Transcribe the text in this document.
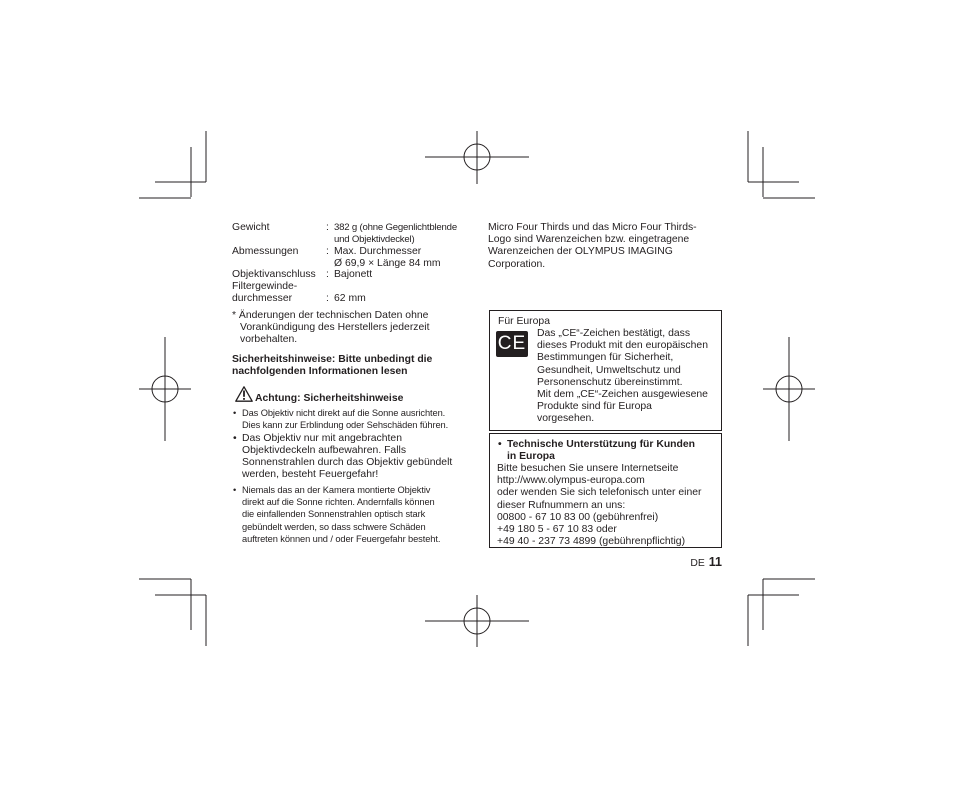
Gewicht	: 382 g (ohne Gegenlichtblende und Objektivdeckel)
Abmessungen	: Max. Durchmesser
Ø 69,9 × Länge 84 mm
Objektivanschluss : Bajonett
Filtergewinde-
durchmesser	: 62 mm
* Änderungen der technischen Daten ohne
Vorankündigung des Herstellers jederzeit
vorbehalten.
Sicherheitshinweise: Bitte unbedingt die
nachfolgenden Informationen lesen
Achtung: Sicherheitshinweise
• Das Objektiv nicht direkt auf die Sonne ausrichten.
Dies kann zur Erblindung oder Sehschäden führen.
• Das Objektiv nur mit angebrachten
Objektivdeckeln aufbewahren. Falls
Sonnenstrahlen durch das Objektiv gebündelt
werden, besteht Feuergefahr!
• Niemals das an der Kamera montierte Objektiv
direkt auf die Sonne richten. Andernfalls können
die einfallenden Sonnenstrahlen optisch stark
gebündelt werden, so dass schwere Schäden
auftreten können und / oder Feuergefahr besteht.
Micro Four Thirds und das Micro Four Thirds-
Logo sind Warenzeichen bzw. eingetragene
Warenzeichen der OLYMPUS IMAGING
Corporation.
Für Europa
CE Das „CE“-Zeichen bestätigt, dass
dieses Produkt mit den europäischen
Bestimmungen für Sicherheit,
Gesundheit, Umweltschutz und
Personenschutz übereinstimmt.
Mit dem „CE“-Zeichen ausgewiesene
Produkte sind für Europa
vorgesehen.
• Technische Unterstützung für Kunden
in Europa
Bitte besuchen Sie unsere Internetseite
http://www.olympus-europa.com
oder wenden Sie sich telefonisch unter einer
dieser Rufnummern an uns:
00800 - 67 10 83 00 (gebührenfrei)
+49 180 5 - 67 10 83 oder
+49 40 - 237 73 4899 (gebührenpflichtig)
DE 11
